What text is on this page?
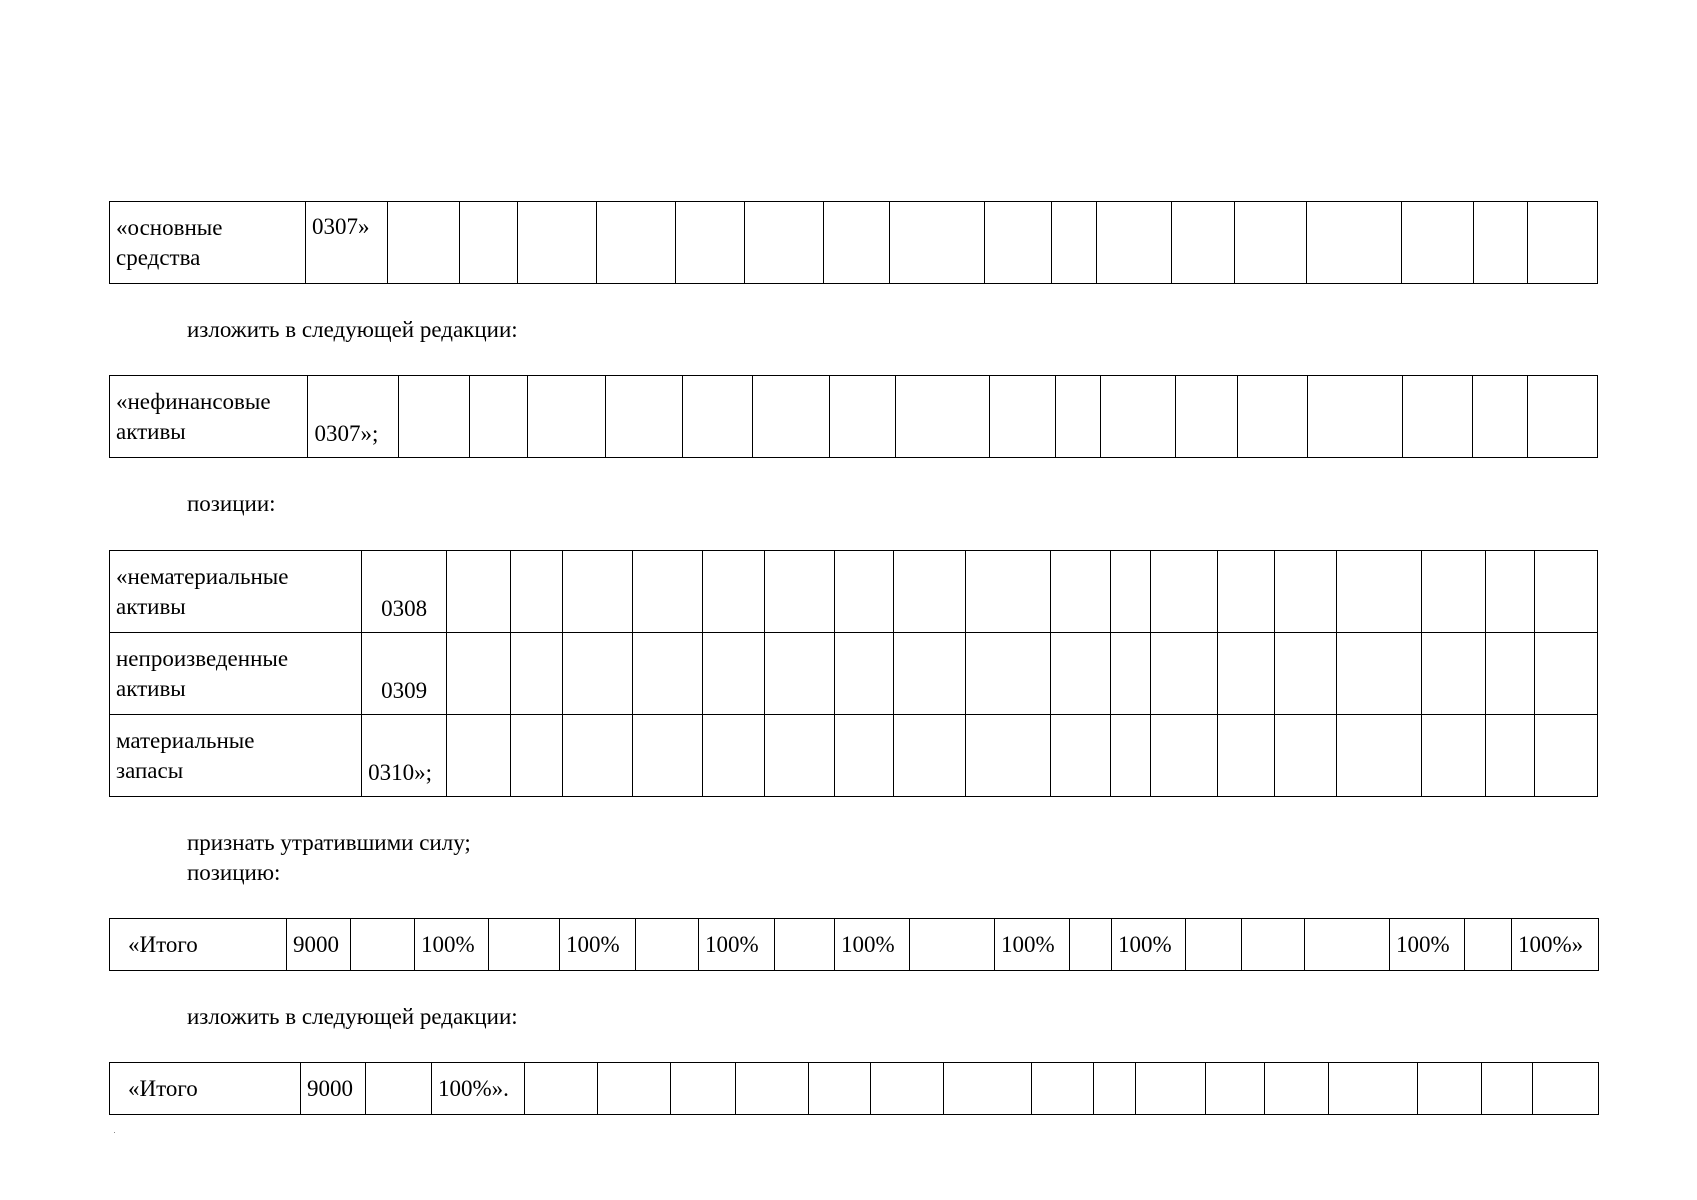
«основные
средства	0307»																	

изложить в следующей редакции:

«нефинансовые
активы	0307»;																	

позиции:

«нематериальные
активы	0308																		
непроизведенные
активы	0309																		
материальные
запасы	0310»;																		

признать утратившими силу;
позицию:

«Итого	9000		100%		100%		100%		100%		100%		100%				100%		100%»

изложить в следующей редакции:

«Итого	9000		100%».																
